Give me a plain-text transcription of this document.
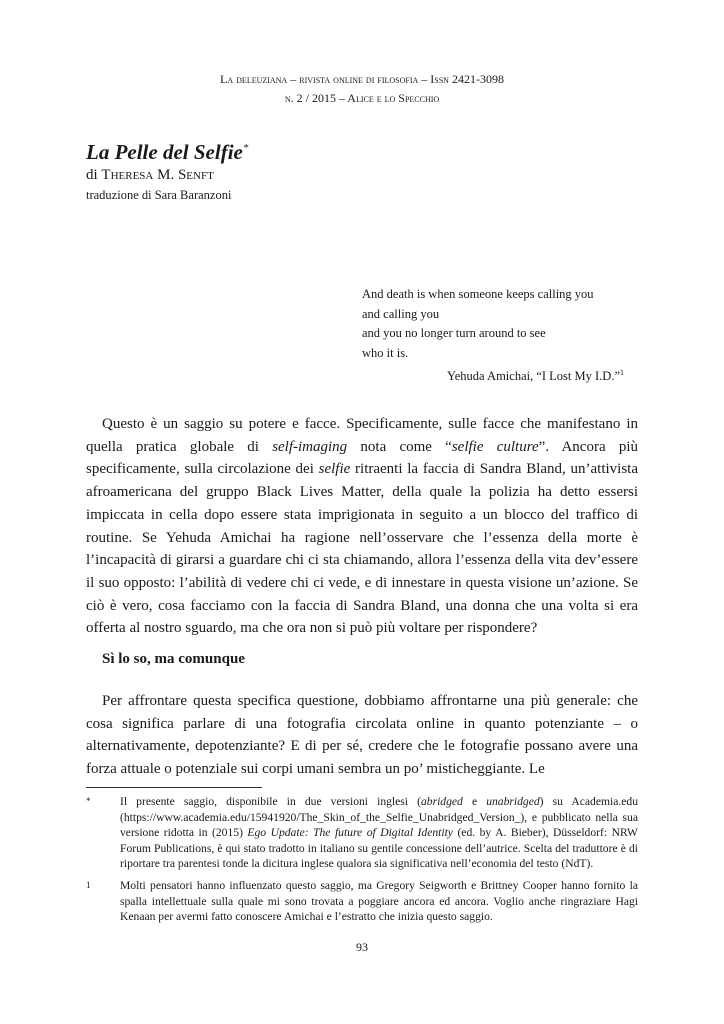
La deleuziana – rivista online di filosofia – Issn 2421-3098
n. 2 / 2015 – Alice e lo Specchio
La Pelle del Selfie*
di Theresa M. Senft
traduzione di Sara Baranzoni
And death is when someone keeps calling you
and calling you
and you no longer turn around to see
who it is.
Yehuda Amichai, “I Lost My I.D.”$^1$
Questo è un saggio su potere e facce. Specificamente, sulle facce che manifestano in quella pratica globale di self-imaging nota come “selfie culture”. Ancora più specificamente, sulla circolazione dei selfie ritraenti la faccia di Sandra Bland, un’attivista afroamericana del gruppo Black Lives Matter, della quale la polizia ha detto essersi impiccata in cella dopo essere stata imprigionata in seguito a un blocco del traffico di routine. Se Yehuda Amichai ha ragione nell’osservare che l’essenza della morte è l’incapacità di girarsi a guardare chi ci sta chiamando, allora l’essenza della vita dev’essere il suo opposto: l’abilità di vedere chi ci vede, e di innestare in questa visione un’azione. Se ciò è vero, cosa facciamo con la faccia di Sandra Bland, una donna che una volta si era offerta al nostro sguardo, ma che ora non si può più voltare per rispondere?
Sì lo so, ma comunque
Per affrontare questa specifica questione, dobbiamo affrontarne una più generale: che cosa significa parlare di una fotografia circolata online in quanto potenziante – o alternativamente, depotenziante? E di per sé, credere che le fotografie possano avere una forza attuale o potenziale sui corpi umani sembra un po’ misticheggiante. Le
*	Il presente saggio, disponibile in due versioni inglesi (abridged e unabridged) su Academia.edu (https://www.academia.edu/15941920/The_Skin_of_the_Selfie_Unabridged_Version_), e pubblicato nella sua versione ridotta in (2015) Ego Update: The future of Digital Identity (ed. by A. Bieber), Düsseldorf: NRW Forum Publications, è qui stato tradotto in italiano su gentile concessione dell’autrice. Scelta del traduttore è di riportare tra parentesi tonde la dicitura inglese qualora sia significativa nell’economia del testo (NdT).
1	Molti pensatori hanno influenzato questo saggio, ma Gregory Seigworth e Brittney Cooper hanno fornito la spalla intellettuale sulla quale mi sono trovata a poggiare ancora ed ancora. Voglio anche ringraziare Hagi Kenaan per avermi fatto conoscere Amichai e l’estratto che inizia questo saggio.
93
